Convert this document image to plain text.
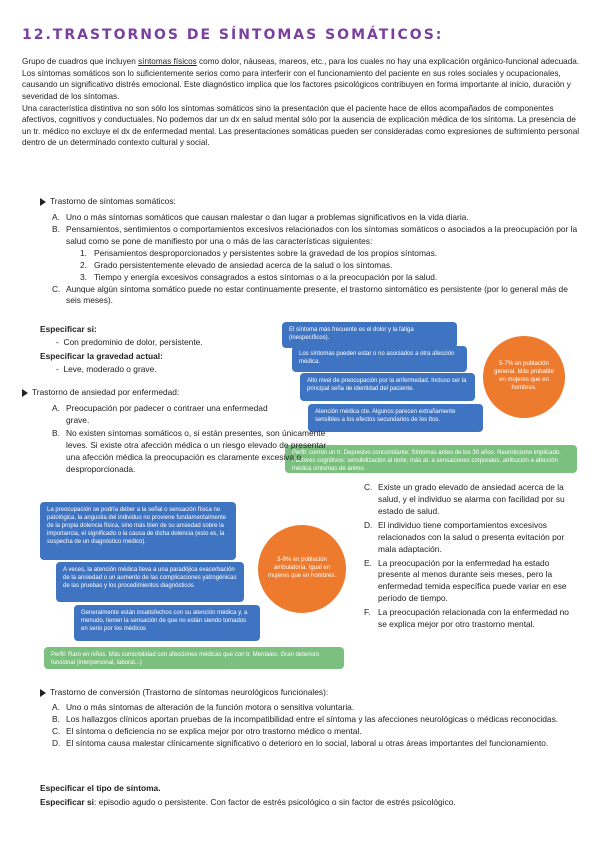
12.TRASTORNOS DE SÍNTOMAS SOMÁTICOS:

Grupo de cuadros que incluyen síntomas físicos como dolor, náuseas, mareos, etc., para los cuales no hay una explicación orgánico-funcional adecuada. Los síntomas somáticos son lo suficientemente serios como para interferir con el funcionamiento del paciente en sus roles sociales y ocupacionales, causando un significativo distrés emocional. Este diagnóstico implica que los factores psicológicos contribuyen en forma importante al inicio, duración y severidad de los síntomas.

Una característica distintiva no son sólo los síntomas somáticos sino la presentación que el paciente hace de ellos acompañados de componentes afectivos, cognitivos y conductuales. No podemos dar un dx en salud mental sólo por la ausencia de explicación médica de los síntoma. La presencia de un tr. médico no excluye el dx de enfermedad mental. Las presentaciones somáticas pueden ser consideradas como expresiones de sufrimiento personal dentro de un determinado contexto cultural y social.

Trastorno de síntomas somáticos:
A. Uno o más síntomas somáticos que causan malestar o dan lugar a problemas significativos en la vida diaria.
B. Pensamientos, sentimientos o comportamientos excesivos relacionados con los síntomas somáticos o asociados a la preocupación por la salud como se pone de manifiesto por una o más de las características siguientes:
1. Pensamientos desproporcionados y persistentes sobre la gravedad de los propios síntomas.
2. Grado persistentemente elevado de ansiedad acerca de la salud o los síntomas.
3. Tiempo y energía excesivos consagrados a estos síntomas o a la preocupación por la salud.
C. Aunque algún síntoma somático puede no estar continuamente presente, el trastorno sintomático es persistente (por lo general más de seis meses).
Especificar si:
- Con predominio de dolor, persistente.
Especificar la gravedad actual:
- Leve, moderado o grave.
El síntoma más frecuente es el dolor y la fatiga (inespecíficos).
Los síntomas pueden estar o no asociados a otra afección médica.
Alto nivel de preocupación por la enfermedad. Incluso ser la principal seña de identidad del paciente.
Atención médica cte. Algunos parecen extrañamente sensibles a los efectos secundarios de los ttos.
5-7% en población general. Más probable en mujeres que en hombres.
Perfil: común un tr. Depresivo concomitante. Síntomas antes de los 30 años. Neuroticismo implicado. Factores cognitivos: sensibilización al dolor, más at. a sensaciones corporales, atribución a afección médica síntomas de ánimo.
Trastorno de ansiedad por enfermedad:
A. Preocupación por padecer o contraer una enfermedad grave.
B. No existen síntomas somáticos o, si están presentes, son únicamente leves. Si existe otra afección médica o un riesgo elevado de presentar una afección médica la preocupación es claramente excesiva o desproporcionada.
C. Existe un grado elevado de ansiedad acerca de la salud, y el individuo se alarma con facilidad por su estado de salud.
D. El individuo tiene comportamientos excesivos relacionados con la salud o presenta evitación por mala adaptación.
E. La preocupación por la enfermedad ha estado presente al menos durante seis meses, pero la enfermedad temida específica puede variar en ese período de tiempo.
F. La preocupación relacionada con la enfermedad no se explica mejor por otro trastorno mental.
La preocupación se podría deber a la señal o sensación física no patológica, la angustia del individuo no proviene fundamentalmente de la propia dolencia física, sino más bien de su ansiedad sobre la importancia, el significado o la causa de dicha dolencia (esto es, la sospecha de un diagnóstico médico).
A veces, la atención médica lleva a una paradójica exacerbación de la ansiedad o un aumento de las complicaciones yatrogénicas de las pruebas y los procedimientos diagnósticos
Generalmente están insatisfechos con su atención médica y, a menudo, tienen la sensación de que no están siendo tomados en serio por los médicos
3-8% en población ambulatoria. Igual en mujeres que en hombres.
Perfil: Raro en niños. Más comorbilidad con afecciones médicas que con tr. Mentales. Gran deterioro funcional (interpersonal, laboral...)
Trastorno de conversión (Trastorno de síntomas neurológicos funcionales):
A. Uno o más síntomas de alteración de la función motora o sensitiva voluntaria.
B. Los hallazgos clínicos aportan pruebas de la incompatibilidad entre el síntoma y las afecciones neurológicas o médicas reconocidas.
C. El síntoma o deficiencia no se explica mejor por otro trastorno médico o mental.
D. El síntoma causa malestar clínicamente significativo o deterioro en lo social, laboral u otras áreas importantes del funcionamiento.
Especificar el tipo de síntoma.
Especificar si: episodio agudo o persistente. Con factor de estrés psicológico o sin factor de estrés psicológico.
